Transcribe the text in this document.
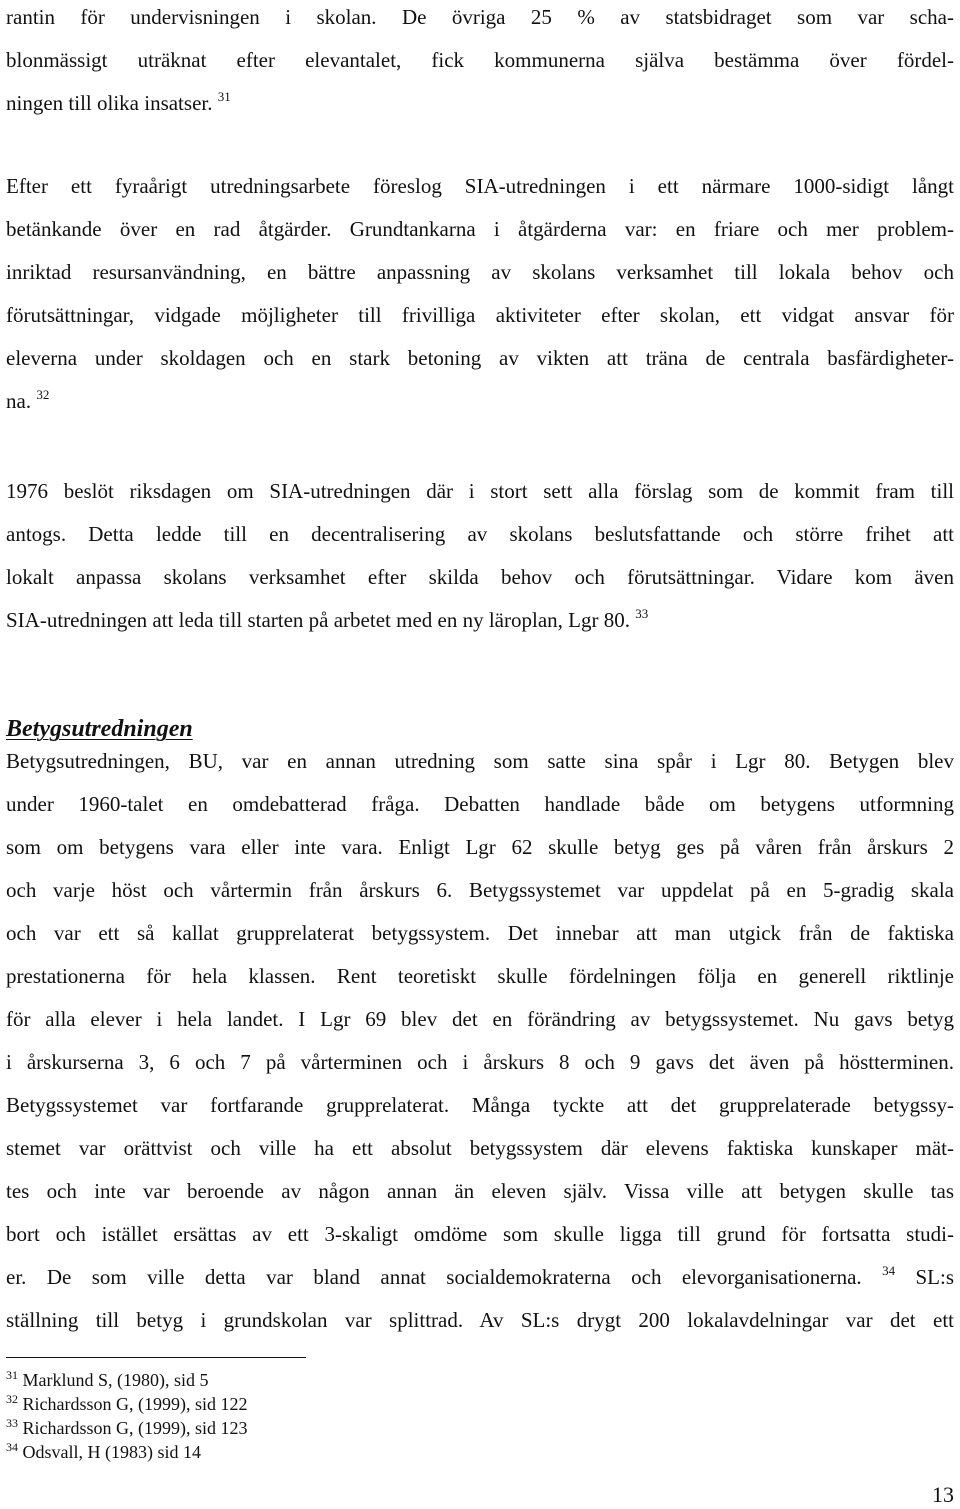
rantin för undervisningen i skolan. De övriga 25 % av statsbidraget som var scha-
blonmässigt uträknat efter elevantalet, fick kommunerna själva bestämma över fördel-
ningen till olika insatser. $^{31}$
Efter ett fyraårigt utredningsarbete föreslog SIA-utredningen i ett närmare 1000-sidigt långt
betänkande över en rad åtgärder. Grundtankarna i åtgärderna var: en friare och mer problem-
inriktad resursanvändning, en bättre anpassning av skolans verksamhet till lokala behov och
förutsättningar, vidgade möjligheter till frivilliga aktiviteter efter skolan, ett vidgat ansvar för
eleverna under skoldagen och en stark betoning av vikten att träna de centrala basfärdigheter-
na. $^{32}$
1976 beslöt riksdagen om SIA-utredningen där i stort sett alla förslag som de kommit fram till
antogs. Detta ledde till en decentralisering av skolans beslutsfattande och större frihet att
lokalt anpassa skolans verksamhet efter skilda behov och förutsättningar. Vidare kom även
SIA-utredningen att leda till starten på arbetet med en ny läroplan, Lgr 80. $^{33}$
Betygsutredningen
Betygsutredningen, BU, var en annan utredning som satte sina spår i Lgr 80. Betygen blev
under 1960-talet en omdebatterad fråga. Debatten handlade både om betygens utformning
som om betygens vara eller inte vara. Enligt Lgr 62 skulle betyg ges på våren från årskurs 2
och varje höst och vårtermin från årskurs 6. Betygssystemet var uppdelat på en 5-gradig skala
och var ett så kallat grupprelaterat betygssystem. Det innebar att man utgick från de faktiska
prestationerna för hela klassen. Rent teoretiskt skulle fördelningen följa en generell riktlinje
för alla elever i hela landet. I Lgr 69 blev det en förändring av betygssystemet. Nu gavs betyg
i årskurserna 3, 6 och 7 på vårterminen och i årskurs 8 och 9 gavs det även på höstterminen.
Betygssystemet var fortfarande grupprelaterat. Många tyckte att det grupprelaterade betygssy-
stemet var orättvist och ville ha ett absolut betygssystem där elevens faktiska kunskaper mät-
tes och inte var beroende av någon annan än eleven själv. Vissa ville att betygen skulle tas
bort och istället ersättas av ett 3-skaligt omdöme som skulle ligga till grund för fortsatta studi-
er. De som ville detta var bland annat socialdemokraterna och elevorganisationerna. $^{34}$ SL:s
ställning till betyg i grundskolan var splittrad. Av SL:s drygt 200 lokalavdelningar var det ett
$^{31}$ Marklund S, (1980), sid 5
$^{32}$ Richardsson G, (1999), sid 122
$^{33}$ Richardsson G, (1999), sid 123
$^{34}$ Odsvall, H (1983) sid 14
13
